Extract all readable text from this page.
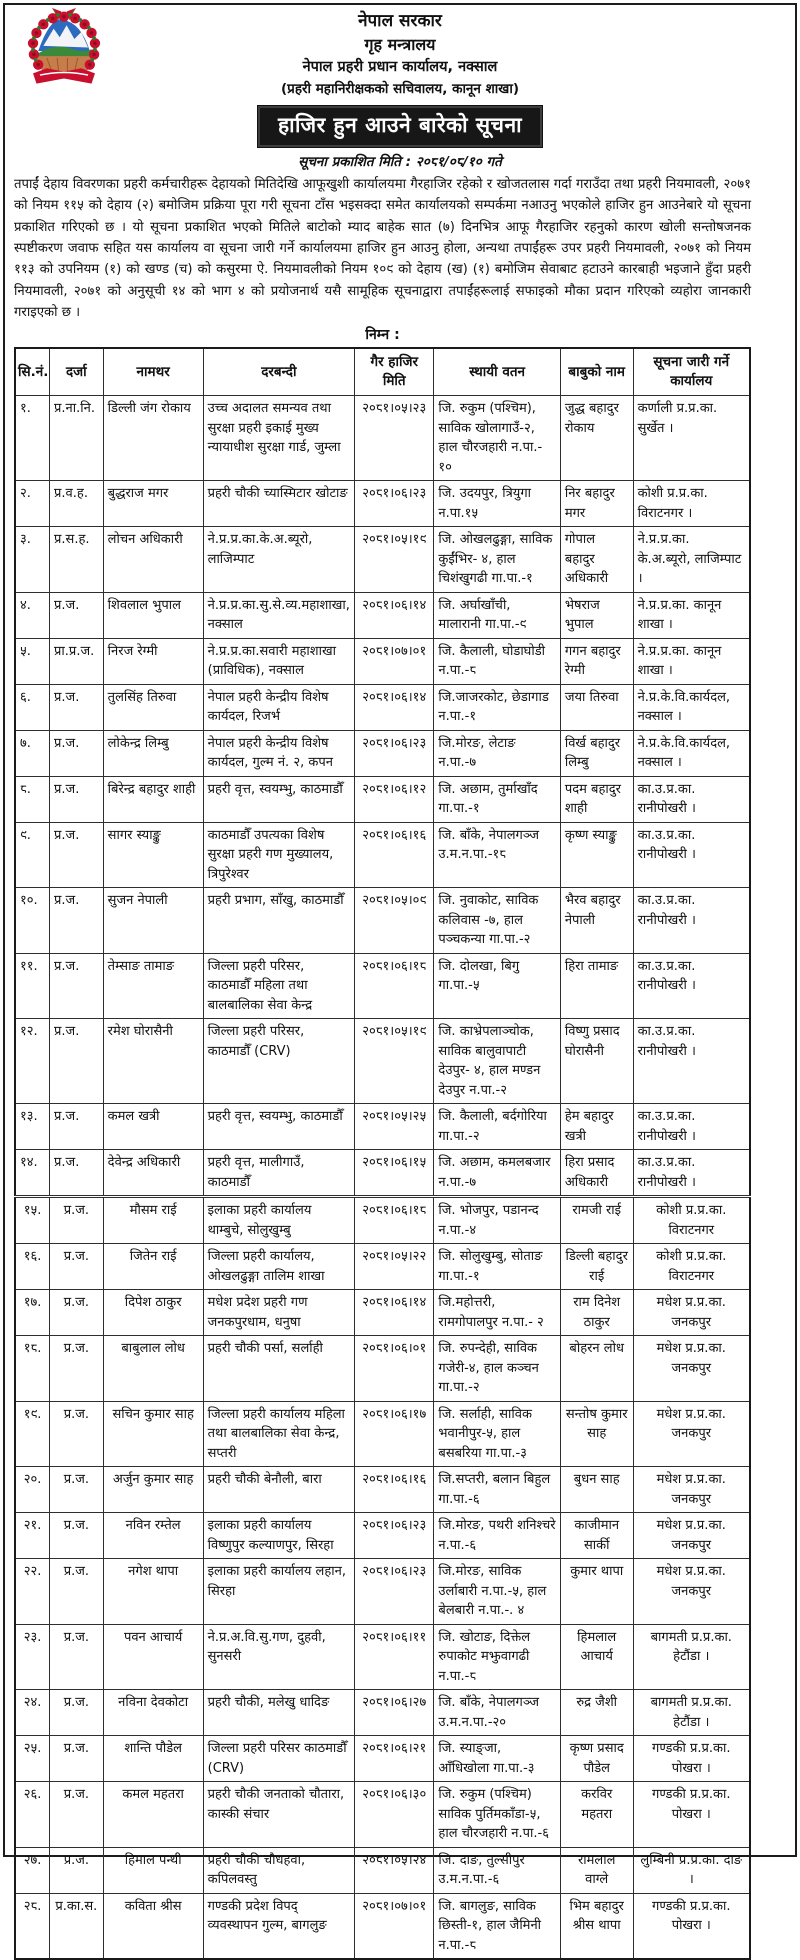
नेपाल सरकार
गृह मन्त्रालय
नेपाल प्रहरी प्रधान कार्यालय, नक्साल
(प्रहरी महानिरीक्षकको सचिवालय, कानून शाखा)
हाजिर हुन आउने बारेको सूचना
सूचना प्रकाशित मिति : २०८१/०८/१० गते

तपाईं देहाय विवरणका प्रहरी कर्मचारीहरू देहायको मितिदेखि आफूखुशी कार्यालयमा गैरहाजिर रहेको र खोजतलास गर्दा गराउँदा तथा प्रहरी नियमावली, २०७१ को नियम ११५ को देहाय (२) बमोजिम प्रक्रिया पूरा गरी सूचना टाँस भइसक्दा समेत कार्यालयको सम्पर्कमा नआउनु भएकोले हाजिर हुन आउनेबारे यो सूचना प्रकाशित गरिएको छ । यो सूचना प्रकाशित भएको मितिले बाटोको म्याद बाहेक सात (७) दिनभित्र आफू गैरहाजिर रहनुको कारण खोली सन्तोषजनक स्पष्टीकरण जवाफ सहित यस कार्यालय वा सूचना जारी गर्ने कार्यालयमा हाजिर हुन आउनु होला, अन्यथा तपाईंहरू उपर प्रहरी नियमावली, २०७१ को नियम ११३ को उपनियम (१) को खण्ड (च) को कसुरमा ऐ. नियमावलीको नियम १०९ को देहाय (ख) (१) बमोजिम सेवाबाट हटाउने कारबाही भइजाने हुँदा प्रहरी नियमावली, २०७१ को अनुसूची १४ को भाग ४ को प्रयोजनार्थ यसै सामूहिक सूचनाद्वारा तपाईंहरूलाई सफाइको मौका प्रदान गरिएको व्यहोरा जानकारी गराइएको छ ।

निम्न :
सि.नं.	दर्जा	नामथर	दरबन्दी	गैर हाजिर मिति	स्थायी वतन	बाबुको नाम	सूचना जारी गर्ने कार्यालय
१.	प्र.ना.नि.	डिल्ली जंग रोकाय	उच्च अदालत समन्यव तथा सुरक्षा प्रहरी इकाई मुख्य न्यायाधीश सुरक्षा गार्ड, जुम्ला	२०८१।०५।२३	जि. रुकुम (पश्चिम), साविक खोलागाउँ-२, हाल चौरजहारी न.पा.- १०	जुद्ध बहादुर रोकाय	कर्णाली प्र.प्र.का. सुर्खेत ।
२.	प्र.व.ह.	बुद्धराज मगर	प्रहरी चौकी च्यास्मिटार खोटाङ	२०८१।०६।२३	जि. उदयपुर, त्रियुगा न.पा.१५	निर बहादुर मगर	कोशी प्र.प्र.का. विराटनगर ।
३.	प्र.स.ह.	लोचन अधिकारी	ने.प्र.प्र.का.के.अ.ब्यूरो, लाजिम्पाट	२०८१।०५।१९	जि. ओखलढुङ्गा, साविक कुईंभिर- ४, हाल चिशंखुगढी गा.पा.-१	गोपाल बहादुर अधिकारी	ने.प्र.प्र.का. के.अ.ब्यूरो, लाजिम्पाट ।
४.	प्र.ज.	शिवलाल भुपाल	ने.प्र.प्र.का.सु.से.व्य.महाशाखा, नक्साल	२०८१।०६।१४	जि. अर्घाखाँची, मालारानी गा.पा.-९	भेषराज भुपाल	ने.प्र.प्र.का. कानून शाखा ।
५.	प्रा.प्र.ज.	निरज रेग्मी	ने.प्र.प्र.का.सवारी महाशाखा (प्राविधिक), नक्साल	२०८१।०७।०१	जि. कैलाली, घोडाघोडी न.पा.-८	गगन बहादुर रेग्मी	ने.प्र.प्र.का. कानून शाखा ।
६.	प्र.ज.	तुलसिंह तिरुवा	नेपाल प्रहरी केन्द्रीय विशेष कार्यदल, रिजर्भ	२०८१।०६।१४	जि.जाजरकोट, छेडागाड न.पा.-१	जया तिरुवा	ने.प्र.के.वि.कार्यदल, नक्साल ।
७.	प्र.ज.	लोकेन्द्र लिम्बु	नेपाल प्रहरी केन्द्रीय विशेष कार्यदल, गुल्म नं. २, कपन	२०८१।०६।२३	जि.मोरङ, लेटाङ न.पा.-७	विर्ख बहादुर लिम्बु	ने.प्र.के.वि.कार्यदल, नक्साल ।
८.	प्र.ज.	बिरेन्द्र बहादुर शाही	प्रहरी वृत्त, स्वयम्भु, काठमाडौँ	२०८१।०६।१२	जि. अछाम, तुर्माखाँद गा.पा.-१	पदम बहादुर शाही	का.उ.प्र.का. रानीपोखरी ।
९.	प्र.ज.	सागर स्याङ्कु	काठमाडौँ उपत्यका विशेष सुरक्षा प्रहरी गण मुख्यालय, त्रिपुरेश्वर	२०८१।०६।१६	जि. बाँके, नेपालगञ्ज उ.म.न.पा.-१८	कृष्ण स्याङ्कु	का.उ.प्र.का. रानीपोखरी ।
१०.	प्र.ज.	सुजन नेपाली	प्रहरी प्रभाग, साँखु, काठमाडौँ	२०८१।०५।०९	जि. नुवाकोट, साविक कलिवास -७, हाल पञ्चकन्या गा.पा.-२	भैरव बहादुर नेपाली	का.उ.प्र.का. रानीपोखरी ।
११.	प्र.ज.	तेम्साङ तामाङ	जिल्ला प्रहरी परिसर, काठमाडौँ महिला तथा बालबालिका सेवा केन्द्र	२०८१।०६।१८	जि. दोलखा, बिगु गा.पा.-५	हिरा तामाङ	का.उ.प्र.का. रानीपोखरी ।
१२.	प्र.ज.	रमेश घोरासैनी	जिल्ला प्रहरी परिसर, काठमाडौँ (CRV)	२०८१।०५।१९	जि. काभ्रेपलाञ्चोक, साविक बालुवापाटी देउपुर- ४, हाल मण्डन देउपुर न.पा.-२	विष्णु प्रसाद घोरासैनी	का.उ.प्र.का. रानीपोखरी ।
१३.	प्र.ज.	कमल खत्री	प्रहरी वृत्त, स्वयम्भु, काठमाडौँ	२०८१।०५।२५	जि. कैलाली, बर्दगोरिया गा.पा.-२	हेम बहादुर खत्री	का.उ.प्र.का. रानीपोखरी ।
१४.	प्र.ज.	देवेन्द्र अधिकारी	प्रहरी वृत्त, मालीगाउँ, काठमाडौँ	२०८१।०६।१५	जि. अछाम, कमलबजार न.पा.-७	हिरा प्रसाद अधिकारी	का.उ.प्र.का. रानीपोखरी ।
१५.	प्र.ज.	मौसम राई	इलाका प्रहरी कार्यालय थाम्बुचे, सोलुखुम्बु	२०८१।०६।१८	जि. भोजपुर, पडानन्द न.पा.-४	रामजी राई	कोशी प्र.प्र.का. विराटनगर
१६.	प्र.ज.	जितेन राई	जिल्ला प्रहरी कार्यालय, ओखलढुङ्गा तालिम शाखा	२०८१।०५।२२	जि. सोलुखुम्बु, सोताङ गा.पा.-१	डिल्ली बहादुर राई	कोशी प्र.प्र.का. विराटनगर
१७.	प्र.ज.	दिपेश ठाकुर	मधेश प्रदेश प्रहरी गण जनकपुरधाम, धनुषा	२०८१।०६।१४	जि.महोत्तरी, रामगोपालपुर न.पा.- २	राम दिनेश ठाकुर	मधेश प्र.प्र.का. जनकपुर
१८.	प्र.ज.	बाबुलाल लोध	प्रहरी चौकी पर्सा, सर्लाही	२०८१।०६।०१	जि. रुपन्देही, साविक गजेरी-४, हाल कञ्चन गा.पा.-२	बोहरन लोध	मधेश प्र.प्र.का. जनकपुर
१९.	प्र.ज.	सचिन कुमार साह	जिल्ला प्रहरी कार्यालय महिला तथा बालबालिका सेवा केन्द्र, सप्तरी	२०८१।०६।१७	जि. सर्लाही, साविक भवानीपुर-५, हाल बसबरिया गा.पा.-३	सन्तोष कुमार साह	मधेश प्र.प्र.का. जनकपुर
२०.	प्र.ज.	अर्जुन कुमार साह	प्रहरी चौकी बेनौली, बारा	२०८१।०६।१६	जि.सप्तरी, बलान बिहुल गा.पा.-६	बुधन साह	मधेश प्र.प्र.का. जनकपुर
२१.	प्र.ज.	नविन रम्तेल	इलाका प्रहरी कार्यालय विष्णुपुर कल्याणपुर, सिरहा	२०८१।०६।२३	जि.मोरङ, पथरी शनिश्चरे न.पा.-६	काजीमान सार्की	मधेश प्र.प्र.का. जनकपुर
२२.	प्र.ज.	नगेश थापा	इलाका प्रहरी कार्यालय लहान, सिरहा	२०८१।०६।२३	जि.मोरङ, साविक उर्लाबारी न.पा.-५, हाल बेलबारी न.पा.-. ४	कुमार थापा	मधेश प्र.प्र.का. जनकपुर
२३.	प्र.ज.	पवन आचार्य	ने.प्र.अ.वि.सु.गण, दुहवी, सुनसरी	२०८१।०६।११	जि. खोटाङ, दिक्तेल रुपाकोट मझुवागढी न.पा.-८	हिमलाल आचार्य	बागमती प्र.प्र.का. हेटौंडा ।
२४.	प्र.ज.	नविना देवकोटा	प्रहरी चौकी, मलेखु धादिङ	२०८१।०६।२७	जि. बाँके, नेपालगञ्ज उ.म.न.पा.-२०	रुद्र जैशी	बागमती प्र.प्र.का. हेटौंडा ।
२५.	प्र.ज.	शान्ति पौडेल	जिल्ला प्रहरी परिसर काठमाडौँ (CRV)	२०८१।०६।२१	जि. स्याङ्जा, आँधिखोला गा.पा.-३	कृष्ण प्रसाद पौडेल	गण्डकी प्र.प्र.का. पोखरा ।
२६.	प्र.ज.	कमल महतरा	प्रहरी चौकी जनताको चौतारा, कास्की संचार	२०८१।०६।३०	जि. रुकुम (पश्चिम) साविक पुर्तिमकाँडा-५, हाल चौरजहारी न.पा.-६	करविर महतरा	गण्डकी प्र.प्र.का. पोखरा ।
२७.	प्र.ज.	हिमाल पन्थी	प्रहरी चौकी चौधहवा, कपिलवस्तु	२०८१।०५।२४	जि. दाङ, तुल्सीपुर उ.म.न.पा.-६	रामलाल वाग्ले	लुम्बिनी प्र.प्र.का. दाङ ।
२८.	प्र.का.स.	कविता श्रीस	गण्डकी प्रदेश विपद् व्यवस्थापन गुल्म, बागलुङ	२०८१।०७।०१	जि. बागलुङ, साविक छिस्ती-१, हाल जैमिनी न.पा.-८	भिम बहादुर श्रीस थापा	गण्डकी प्र.प्र.का. पोखरा ।
